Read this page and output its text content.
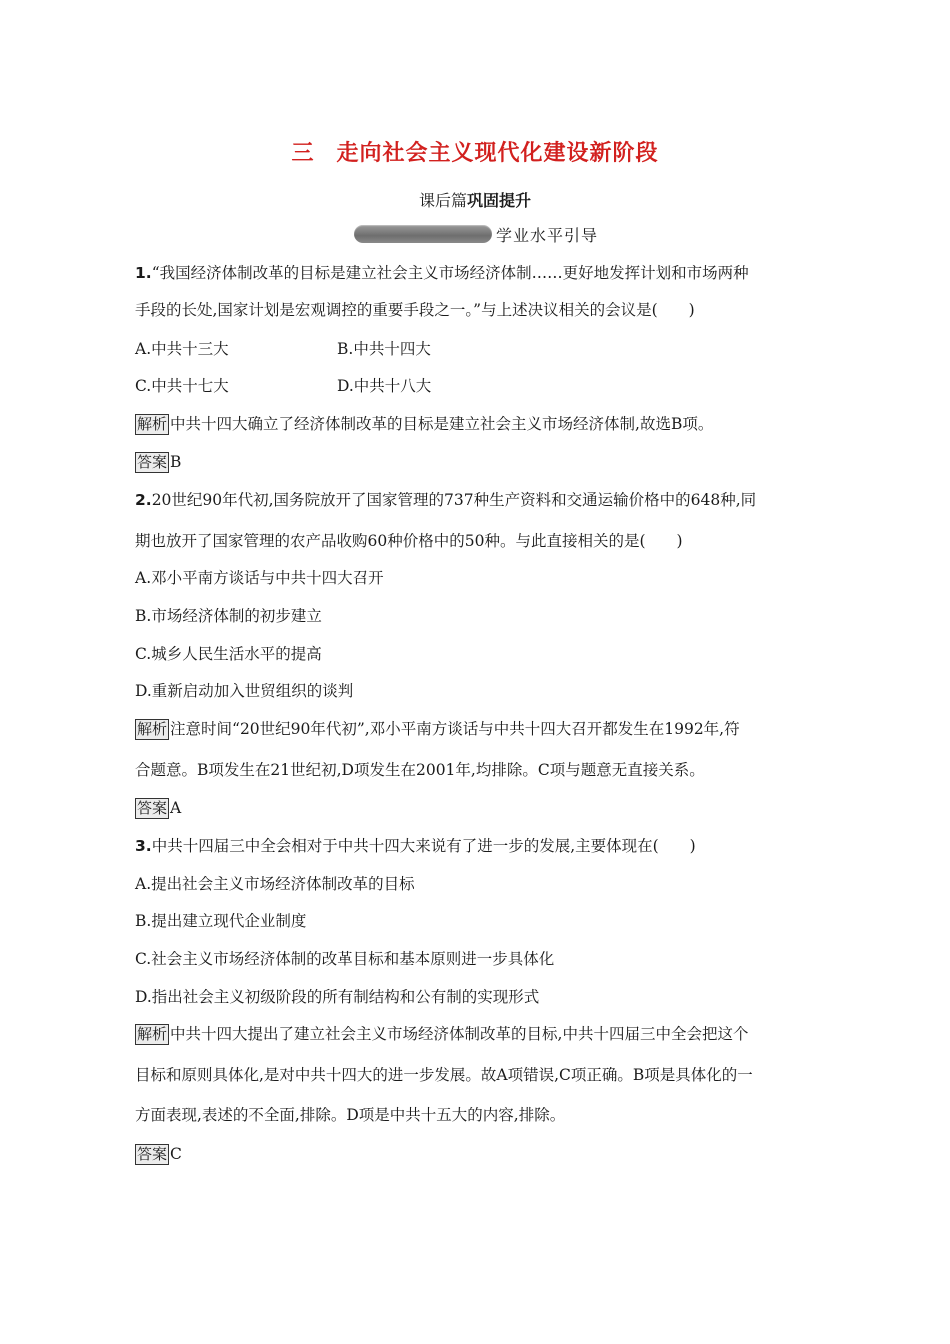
三 走向社会主义现代化建设新阶段
课后篇巩固提升
学业水平引导
1.“我国经济体制改革的目标是建立社会主义市场经济体制……更好地发挥计划和市场两种
手段的长处,国家计划是宏观调控的重要手段之一。”与上述决议相关的会议是(　　)
A.中共十三大	B.中共十四大
C.中共十七大	D.中共十八大
解析 中共十四大确立了经济体制改革的目标是建立社会主义市场经济体制,故选B项。
答案 B
2.20世纪90年代初,国务院放开了国家管理的737种生产资料和交通运输价格中的648种,同
期也放开了国家管理的农产品收购60种价格中的50种。与此直接相关的是(　　)
A.邓小平南方谈话与中共十四大召开
B.市场经济体制的初步建立
C.城乡人民生活水平的提高
D.重新启动加入世贸组织的谈判
解析 注意时间“20世纪90年代初”,邓小平南方谈话与中共十四大召开都发生在1992年,符
合题意。B项发生在21世纪初,D项发生在2001年,均排除。C项与题意无直接关系。
答案 A
3.中共十四届三中全会相对于中共十四大来说有了进一步的发展,主要体现在(　　)
A.提出社会主义市场经济体制改革的目标
B.提出建立现代企业制度
C.社会主义市场经济体制的改革目标和基本原则进一步具体化
D.指出社会主义初级阶段的所有制结构和公有制的实现形式
解析 中共十四大提出了建立社会主义市场经济体制改革的目标,中共十四届三中全会把这个
目标和原则具体化,是对中共十四大的进一步发展。故A项错误,C项正确。B项是具体化的一
方面表现,表述的不全面,排除。D项是中共十五大的内容,排除。
答案 C
